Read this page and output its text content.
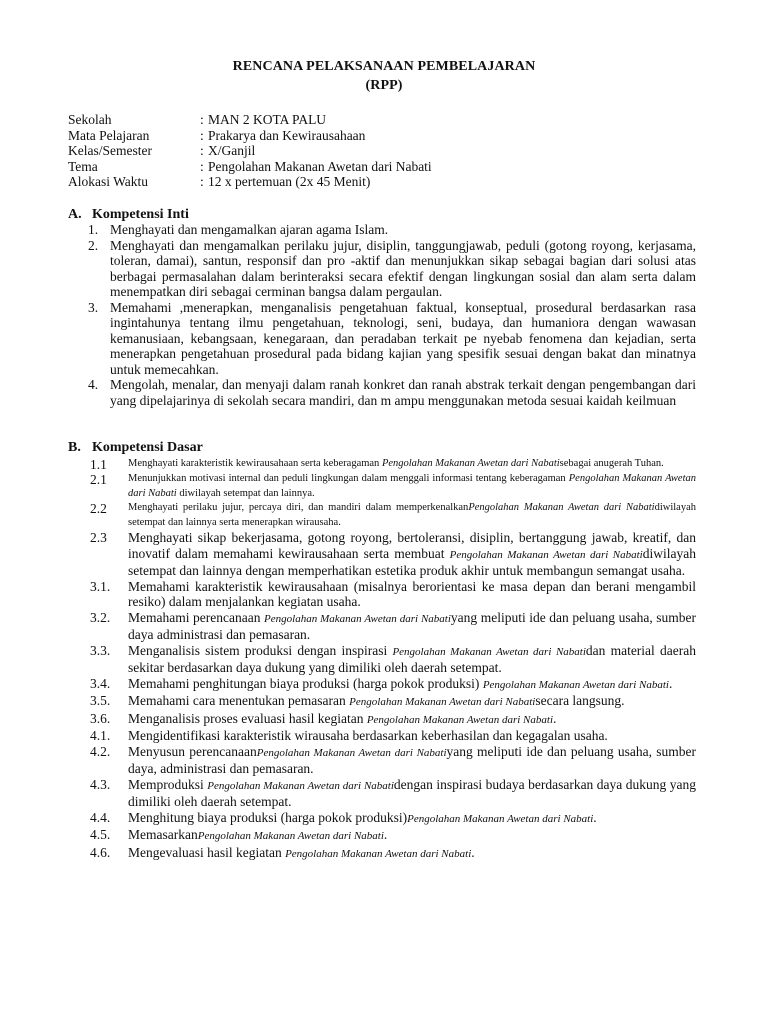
RENCANA PELAKSANAAN PEMBELAJARAN
(RPP)
Sekolah	: MAN 2 KOTA PALU
Mata Pelajaran	: Prakarya dan Kewirausahaan
Kelas/Semester	: X/Ganjil
Tema	: Pengolahan Makanan Awetan dari Nabati
Alokasi Waktu	: 12 x pertemuan (2x 45 Menit)
A. Kompetensi Inti
1. Menghayati dan mengamalkan ajaran agama Islam.
2. Menghayati dan mengamalkan perilaku jujur, disiplin, tanggungjawab, peduli (gotong royong, kerjasama, toleran, damai), santun, responsif dan pro -aktif dan menunjukkan sikap sebagai bagian dari solusi atas berbagai permasalahan dalam berinteraksi secara efektif dengan lingkungan sosial dan alam serta dalam menempatkan diri sebagai cerminan bangsa dalam pergaulan.
3. Memahami ,menerapkan, menganalisis pengetahuan faktual, konseptual, prosedural berdasarkan rasa ingintahunya tentang ilmu pengetahuan, teknologi, seni, budaya, dan humaniora dengan wawasan kemanusiaan, kebangsaan, kenegaraan, dan peradaban terkait pe nyebab fenomena dan kejadian, serta menerapkan pengetahuan prosedural pada bidang kajian yang spesifik sesuai dengan bakat dan minatnya untuk memecahkan.
4. Mengolah, menalar, dan menyaji dalam ranah konkret dan ranah abstrak terkait dengan pengembangan dari yang dipelajarinya di sekolah secara mandiri, dan m ampu menggunakan metoda sesuai kaidah keilmuan
B. Kompetensi Dasar
1.1	Menghayati karakteristik kewirausahaan serta keberagaman Pengolahan Makanan Awetan dari Nabatisebagai anugerah Tuhan.
2.1	Menunjukkan motivasi internal dan peduli lingkungan dalam menggali informasi tentang keberagaman Pengolahan Makanan Awetan dari Nabati diwilayah setempat dan lainnya.
2.2	Menghayati perilaku jujur, percaya diri, dan mandiri dalam memperkenalkanPengolahan Makanan Awetan dari Nabatidiwilayah setempat dan lainnya serta menerapkan wirausaha.
2.3	Menghayati sikap bekerjasama, gotong royong, bertoleransi, disiplin, bertanggung jawab, kreatif, dan inovatif dalam memahami kewirausahaan serta membuat Pengolahan Makanan Awetan dari Nabatidiwilayah setempat dan lainnya dengan memperhatikan estetika produk akhir untuk membangun semangat usaha.
3.1.	Memahami karakteristik kewirausahaan (misalnya berorientasi ke masa depan dan berani mengambil resiko) dalam menjalankan kegiatan usaha.
3.2.	Memahami perencanaan Pengolahan Makanan Awetan dari Nabatiyang meliputi ide dan peluang usaha, sumber daya administrasi dan pemasaran.
3.3.	Menganalisis sistem produksi dengan inspirasi Pengolahan Makanan Awetan dari Nabatidan material daerah sekitar berdasarkan daya dukung yang dimiliki oleh daerah setempat.
3.4.	Memahami penghitungan biaya produksi (harga pokok produksi) Pengolahan Makanan Awetan dari Nabati.
3.5.	Memahami cara menentukan pemasaran Pengolahan Makanan Awetan dari Nabatisecara langsung.
3.6.	Menganalisis proses evaluasi hasil kegiatan Pengolahan Makanan Awetan dari Nabati.
4.1.	Mengidentifikasi karakteristik wirausaha berdasarkan keberhasilan dan kegagalan usaha.
4.2.	Menyusun perencanaanPengolahan Makanan Awetan dari Nabatiyang meliputi ide dan peluang usaha, sumber daya, administrasi dan pemasaran.
4.3.	Memproduksi Pengolahan Makanan Awetan dari Nabatidengan inspirasi budaya berdasarkan daya dukung yang dimiliki oleh daerah setempat.
4.4.	Menghitung biaya produksi (harga pokok produksi)Pengolahan Makanan Awetan dari Nabati.
4.5.	MemasarkanPengolahan Makanan Awetan dari Nabati.
4.6.	Mengevaluasi hasil kegiatan Pengolahan Makanan Awetan dari Nabati.
